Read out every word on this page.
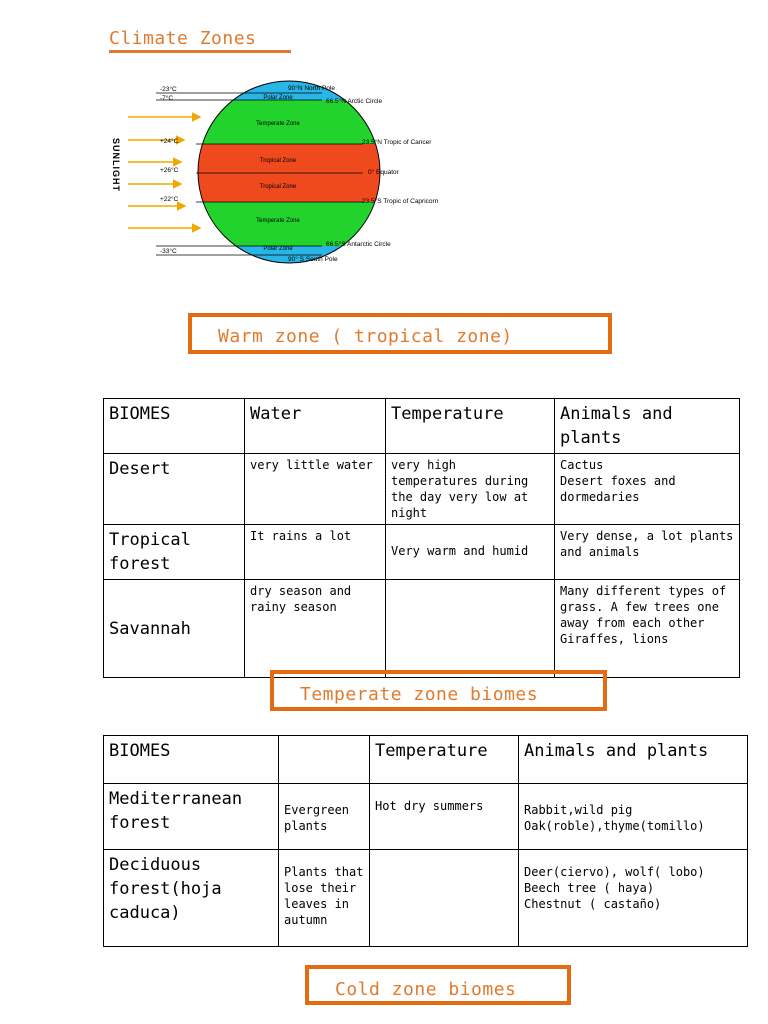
Climate Zones
SUNLIGHT
-23°C
-7°C
+24°C
+26°C
+22°C
-33°C
Polar Zone
Temperate Zone
Tropical Zone
Tropical Zone
Temperate Zone
Polar Zone
90°N North Pole
66.5°N Arctic Circle
23.5°N Tropic of Cancer
0° Equator
23.5°S Tropic of Capricorn
66.5°S Antarctic Circle
90° S South Pole
Warm zone ( tropical zone)
BIOMES	Water	Temperature	Animals and plants
Desert	very little water	very high temperatures during the day very low at night	Cactus
Desert foxes and dormedaries
Tropical forest	It rains a lot	Very warm and humid	Very dense, a lot plants and animals
Savannah	dry season and rainy season		Many different types of grass. A few trees one away from each other
Giraffes, lions
Temperate zone biomes
BIOMES		Temperature	Animals and plants
Mediterranean forest	Evergreen plants	Hot dry summers	Rabbit,wild pig
Oak(roble),thyme(tomillo)
Deciduous forest(hoja caduca)	Plants that lose their leaves in autumn		Deer(ciervo), wolf( lobo)
Beech tree ( haya)
Chestnut ( castaño)
Cold zone biomes
